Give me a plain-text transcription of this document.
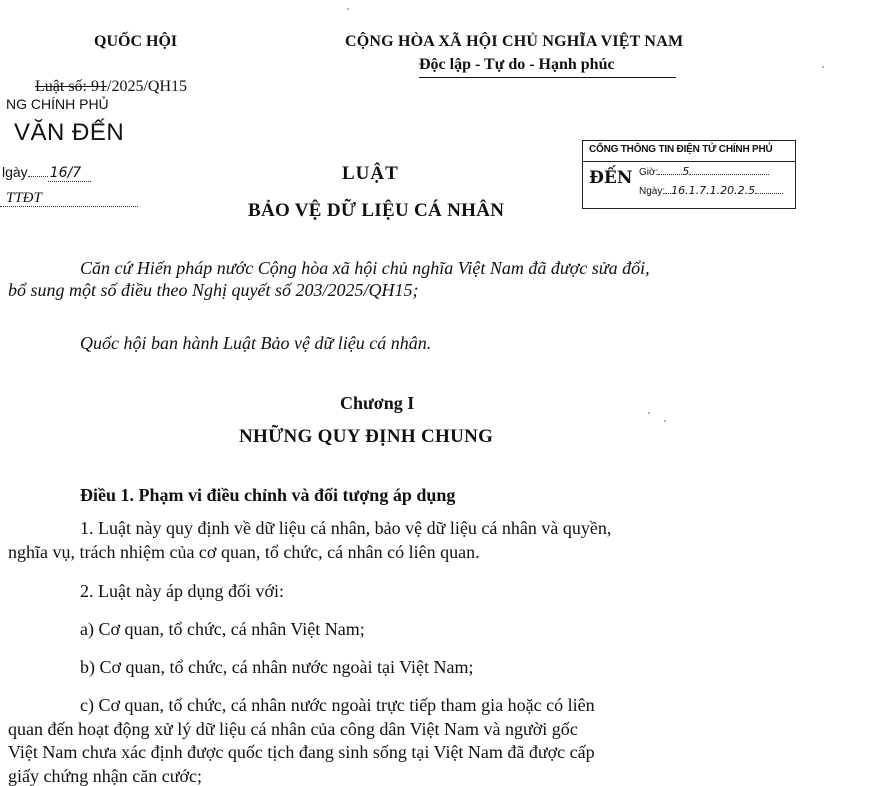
QUỐC HỘI
Luật số: 91/2025/QH15
NG CHÍNH PHỦ
VĂN ĐẾN
lgày 16/7
TTĐT
CỘNG HÒA XÃ HỘI CHỦ NGHĨA VIỆT NAM
Độc lập - Tự do - Hạnh phúc
CỔNG THÔNG TIN ĐIỆN TỬ CHÍNH PHỦ
ĐẾN Giờ: 5
Ngày: 16.1.7.1.20.2.5
LUẬT
BẢO VỆ DỮ LIỆU CÁ NHÂN
Căn cứ Hiến pháp nước Cộng hòa xã hội chủ nghĩa Việt Nam đã được sửa đổi,
bổ sung một số điều theo Nghị quyết số 203/2025/QH15;
Quốc hội ban hành Luật Bảo vệ dữ liệu cá nhân.
Chương I
NHỮNG QUY ĐỊNH CHUNG
Điều 1. Phạm vi điều chỉnh và đối tượng áp dụng
1. Luật này quy định về dữ liệu cá nhân, bảo vệ dữ liệu cá nhân và quyền,
nghĩa vụ, trách nhiệm của cơ quan, tổ chức, cá nhân có liên quan.
2. Luật này áp dụng đối với:
a) Cơ quan, tổ chức, cá nhân Việt Nam;
b) Cơ quan, tổ chức, cá nhân nước ngoài tại Việt Nam;
c) Cơ quan, tổ chức, cá nhân nước ngoài trực tiếp tham gia hoặc có liên
quan đến hoạt động xử lý dữ liệu cá nhân của công dân Việt Nam và người gốc
Việt Nam chưa xác định được quốc tịch đang sinh sống tại Việt Nam đã được cấp
giấy chứng nhận căn cước;
